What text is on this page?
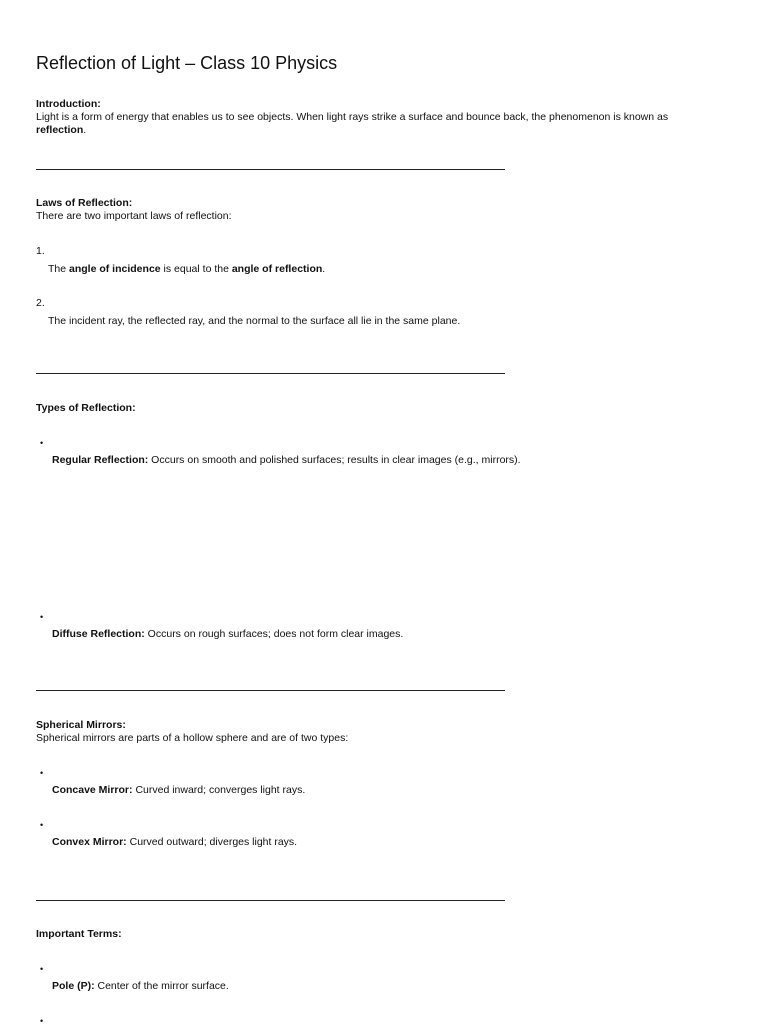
Reflection of Light – Class 10 Physics
Introduction:
Light is a form of energy that enables us to see objects. When light rays strike a surface and bounce back, the phenomenon is known as
reflection.
Laws of Reflection:
There are two important laws of reflection:
1.
The angle of incidence is equal to the angle of reflection.
2.
The incident ray, the reflected ray, and the normal to the surface all lie in the same plane.
Types of Reflection:
•
Regular Reflection: Occurs on smooth and polished surfaces; results in clear images (e.g., mirrors).
•
Diffuse Reflection: Occurs on rough surfaces; does not form clear images.
Spherical Mirrors:
Spherical mirrors are parts of a hollow sphere and are of two types:
•
Concave Mirror: Curved inward; converges light rays.
•
Convex Mirror: Curved outward; diverges light rays.
Important Terms:
•
Pole (P): Center of the mirror surface.
•
